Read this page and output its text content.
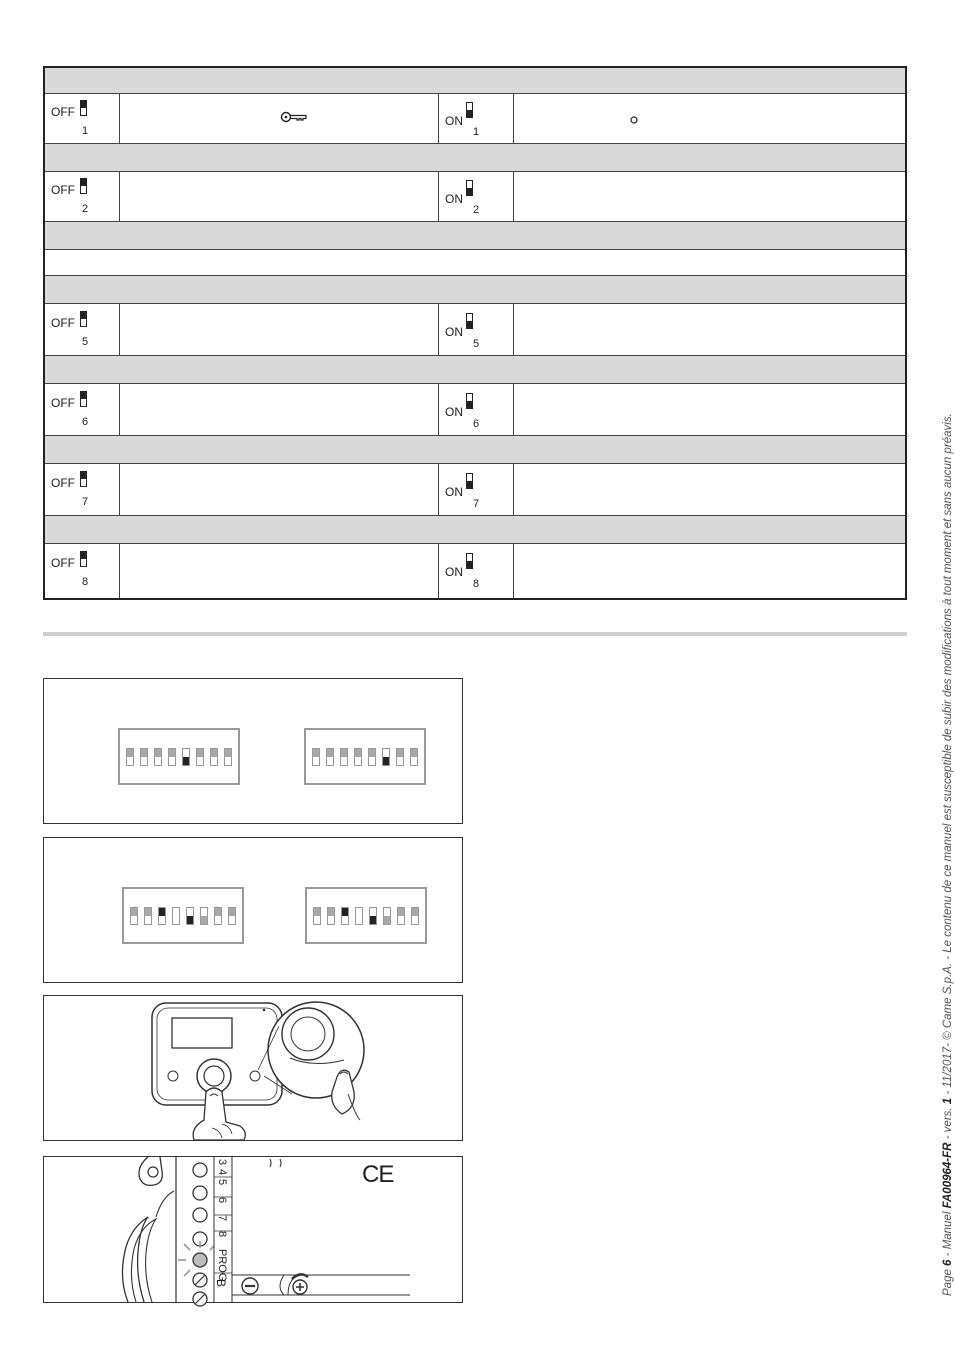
OFF
1
ON
1
OFF
2
ON
2
OFF
5
ON
5
OFF
6
ON
6
OFF
7
ON
7
OFF
8
ON
8
3
4
5
6
7
8
PROG
B
CE
Page 6 - Manuel FA00964-FR - vers. 1 - 11/2017- © Came S.p.A. - Le contenu de ce manuel est susceptible de subir des modifications à tout moment et sans aucun préavis.
